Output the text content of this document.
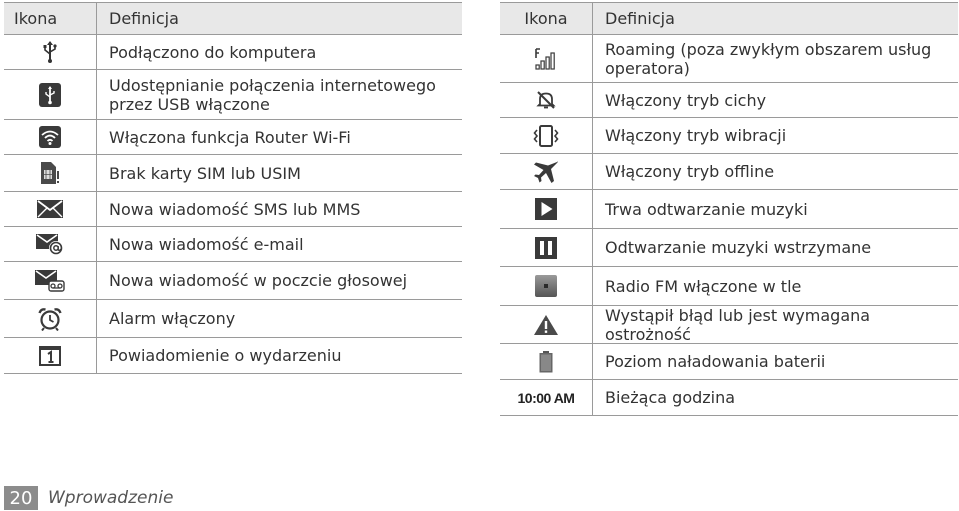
Ikona	Definicja
Podłączono do komputera
Udostępnianie połączenia internetowego przez USB włączone
Włączona funkcja Router Wi-Fi
Brak karty SIM lub USIM
Nowa wiadomość SMS lub MMS
Nowa wiadomość e-mail
Nowa wiadomość w poczcie głosowej
Alarm włączony
Powiadomienie o wydarzeniu
Ikona	Definicja
Roaming (poza zwykłym obszarem usług operatora)
Włączony tryb cichy
Włączony tryb wibracji
Włączony tryb offline
Trwa odtwarzanie muzyki
Odtwarzanie muzyki wstrzymane
Radio FM włączone w tle
Wystąpił błąd lub jest wymagana ostrożność
Poziom naładowania baterii
10:00 AM	Bieżąca godzina
20 Wprowadzenie
